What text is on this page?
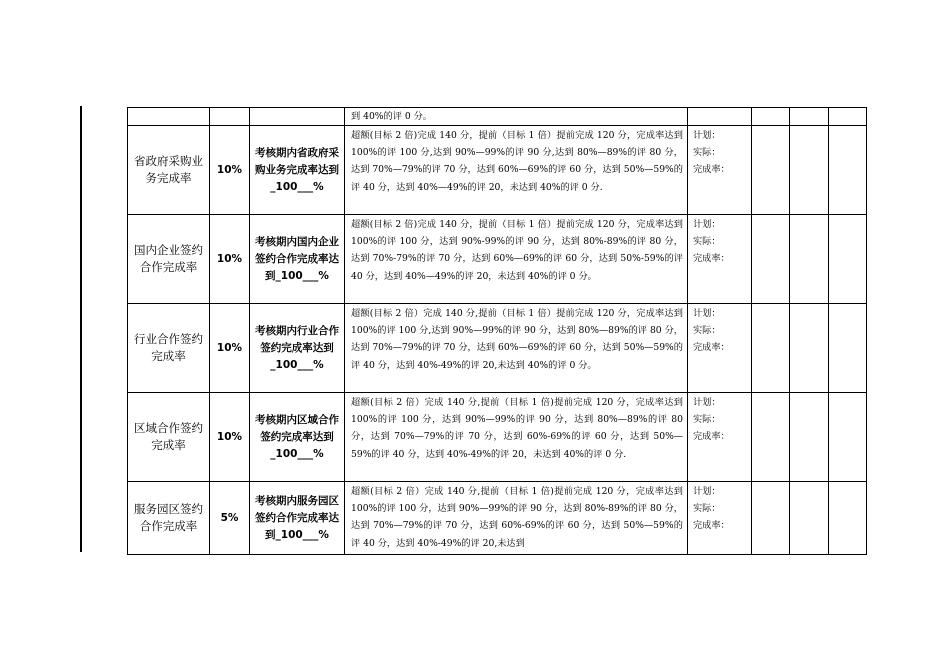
			到 40%的评 0 分。				
省政府采购业务完成率	10%	考核期内省政府采购业务完成率达到_100___%	超额(目标 2 倍)完成 140 分，提前（目标 1 倍）提前完成 120 分，完成率达到 100%的评 100 分,达到 90%—99%的评 90 分,达到 80%—89%的评 80 分，达到 70%—79%的评 70 分，达到 60%—69%的评 60 分，达到 50%—59%的评 40 分，达到 40%—49%的评 20，未达到 40%的评 0 分.	计划：
实际：
完成率：			

国内企业签约合作完成率	10%	考核期内国内企业签约合作完成率达到_100___%	超额(目标 2 倍)完成 140 分，提前（目标 1 倍）提前完成 120 分，完成率达到 100%的评 100 分，达到 90%-99%的评 90 分，达到 80%-89%的评 80 分，达到 70%-79%的评 70 分，达到 60%—69%的评 60 分，达到 50%-59%的评 40 分，达到 40%—49%的评 20，未达到 40%的评 0 分。	计划：
实际：
完成率：			

行业合作签约完成率	10%	考核期内行业合作签约完成率达到_100___%	超额(目标 2 倍）完成 140 分,提前（目标 1 倍）提前完成 120 分，完成率达到 100%的评 100 分,达到 90%—99%的评 90 分，达到 80%—89%的评 80 分，达到 70%—79%的评 70 分，达到 60%—69%的评 60 分，达到 50%—59%的评 40 分，达到 40%-49%的评 20,未达到 40%的评 0 分。	计划：
实际：
完成率：			

区域合作签约完成率	10%	考核期内区域合作签约完成率达到_100___%	超额(目标 2 倍）完成 140 分,提前（目标 1 倍)提前完成 120 分，完成率达到 100%的评 100 分，达到 90%—99%的评 90 分，达到 80%—89%的评 80 分，达到 70%—79%的评 70 分，达到 60%-69%的评 60 分，达到 50%—59%的评 40 分，达到 40%-49%的评 20，未达到 40%的评 0 分.	计划：
实际：
完成率：			

服务园区签约合作完成率	5%	考核期内服务园区签约合作完成率达到_100___%	超额(目标 2 倍）完成 140 分,提前（目标 1 倍)提前完成 120 分，完成率达到 100%的评 100 分，达到 90%—99%的评 90 分，达到 80%-89%的评 80 分，达到 70%—79%的评 70 分，达到 60%-69%的评 60 分，达到 50%—59%的评 40 分，达到 40%-49%的评 20,未达到	计划：
实际：
完成率：			
